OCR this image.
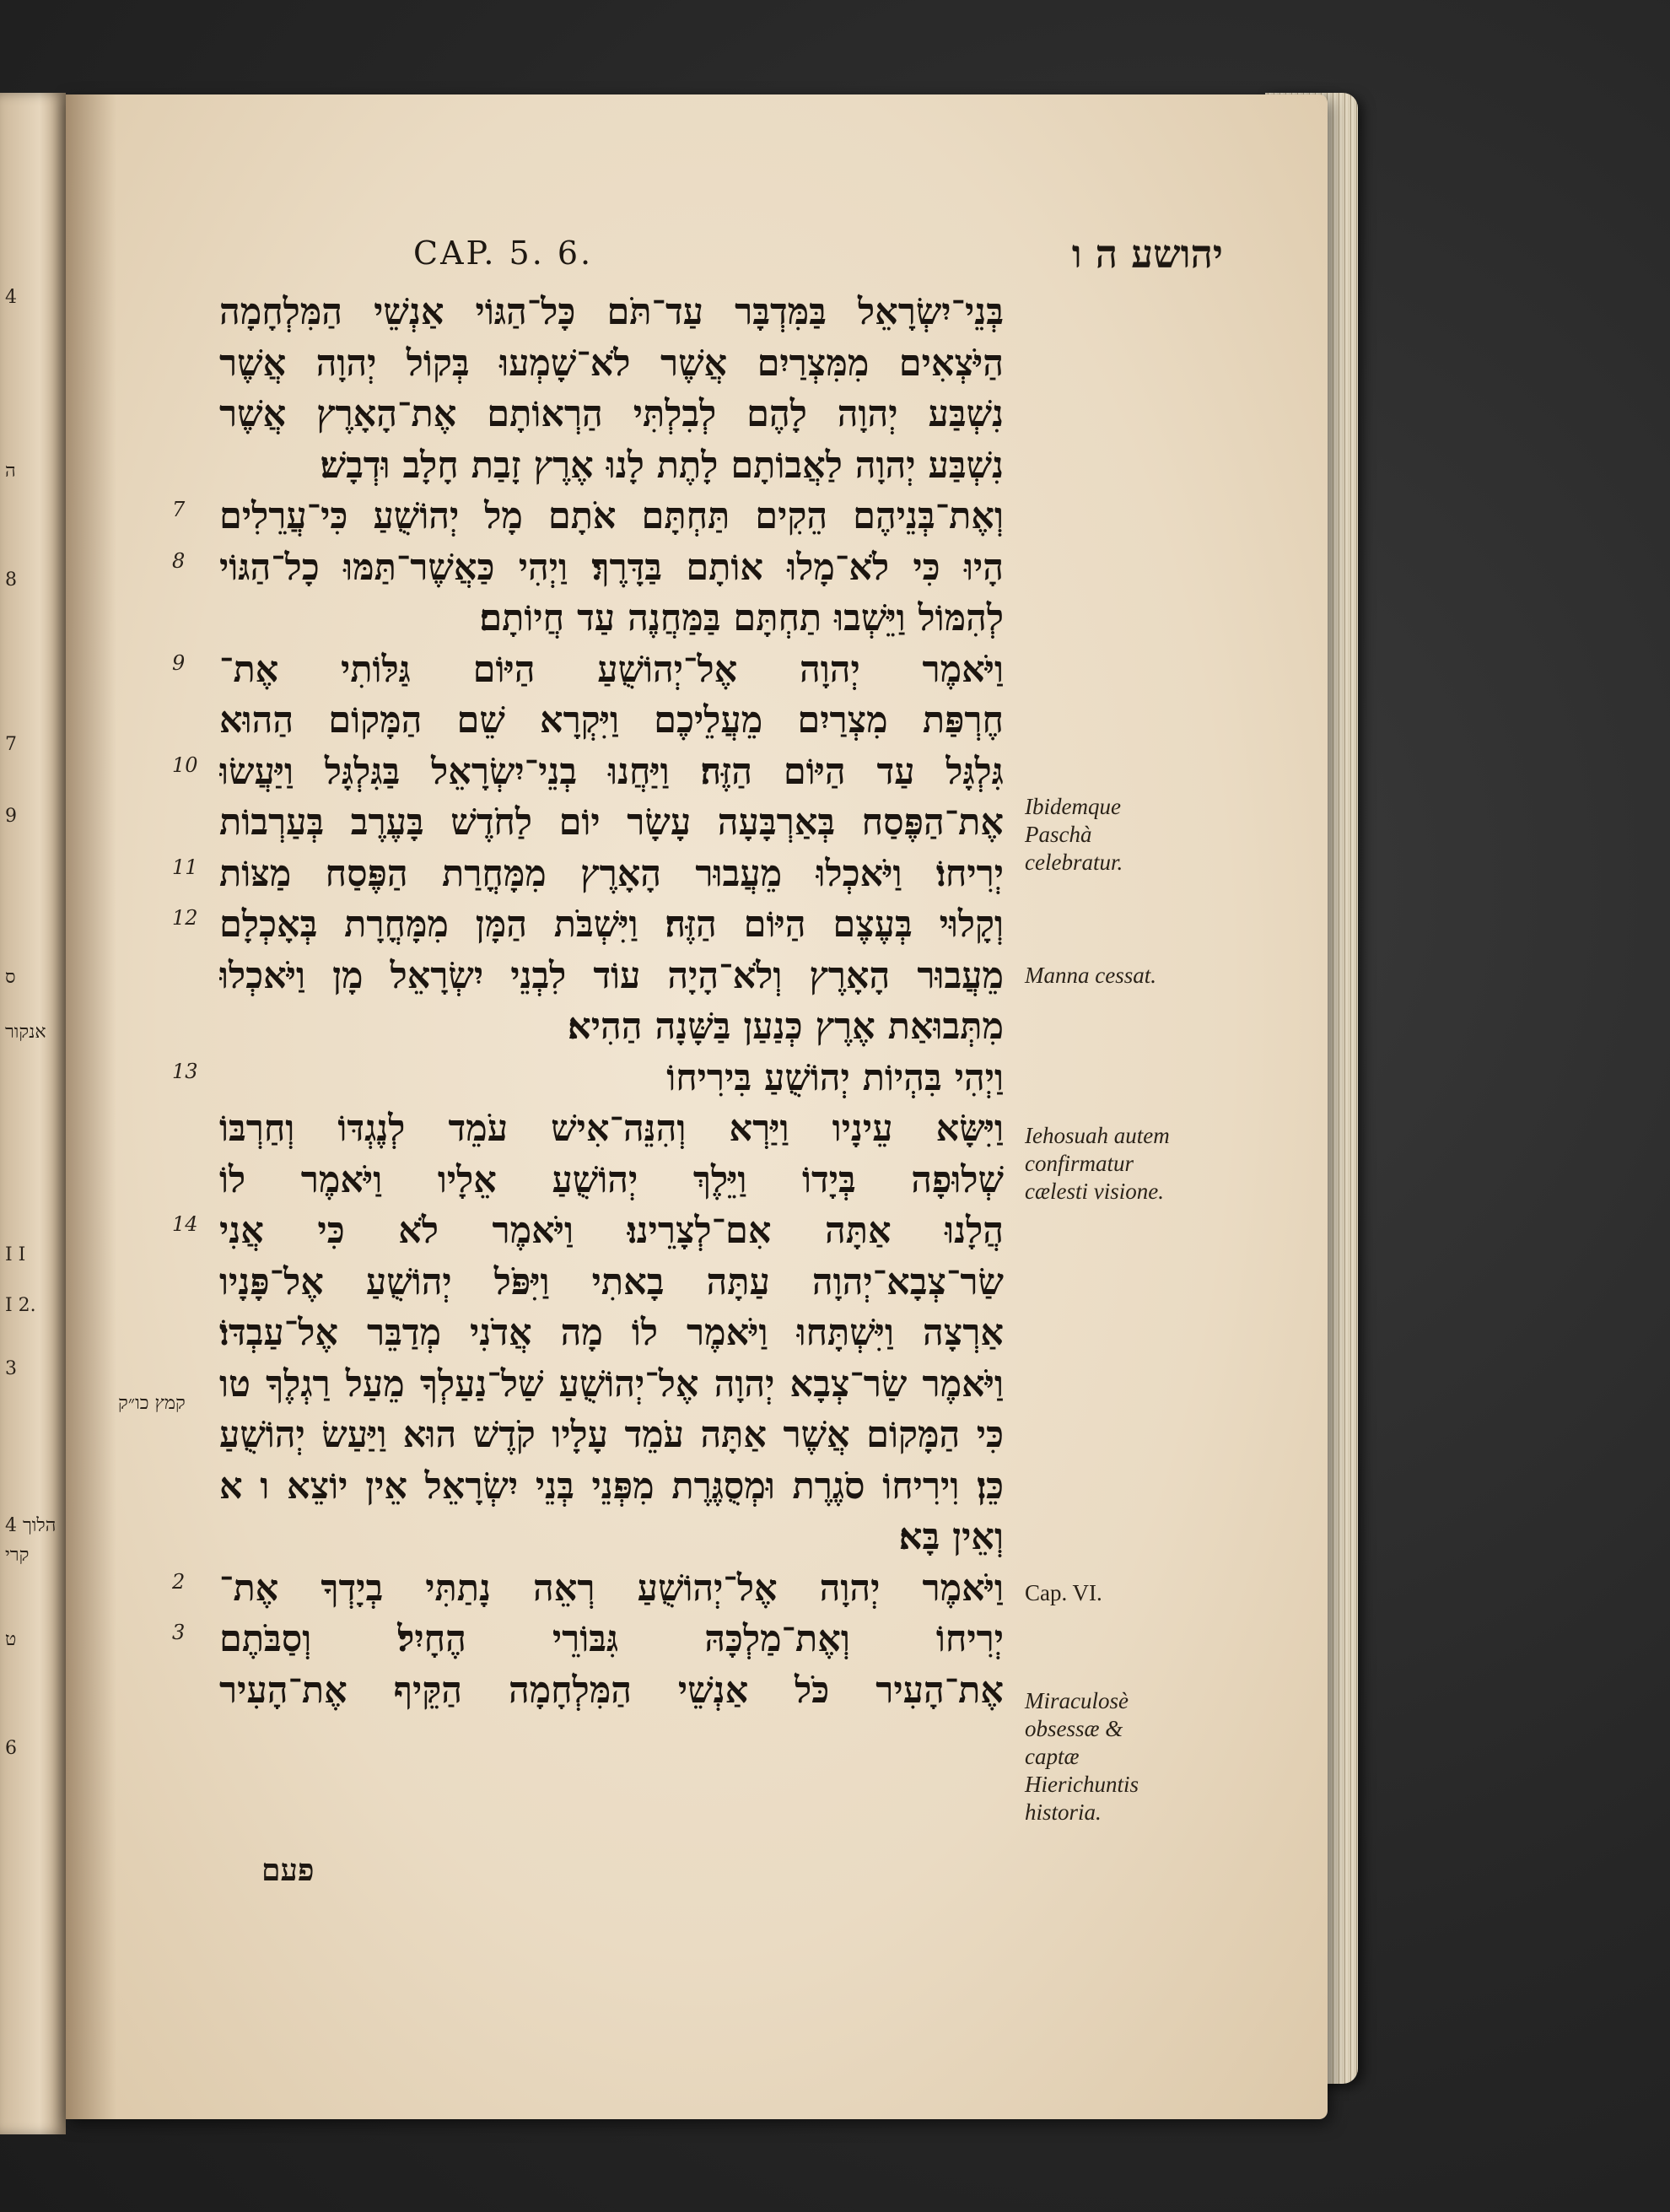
4
ה
8
7
9
ס
אנקור
I I
I 2.
3
הלוך 4
קרי
ט
6
CAP. 5. 6.	יהושע ה ו
בְּנֵי־יִשְׂרָאֵל בַּמִּדְבָּר עַד־תֹּם כָּל־הַגּוֹי אַנְשֵׁי הַמִּלְחָמָה
הַיֹּצְאִים מִמִּצְרַיִם אֲשֶׁר לֹא־שָׁמְעוּ בְּקוֹל יְהוָה אֲשֶׁר
נִשְׁבַּע יְהוָה לָהֶם לְבִלְתִּי הַרְאוֹתָם אֶת־הָאָרֶץ אֲשֶׁר
נִשְׁבַּע יְהוָה לַאֲבוֹתָם לָתֶת לָנוּ אֶרֶץ זָבַת חָלָב וּדְבָשׁ׃
7 וְאֶת־בְּנֵיהֶם הֵקִים תַּחְתָּם אֹתָם מָל יְהוֹשֻׁעַ כִּי־עֲרֵלִים
8 הָיוּ כִּי לֹא־מָלוּ אוֹתָם בַּדָּרֶךְ׃ וַיְהִי כַּאֲשֶׁר־תַּמּוּ כָל־הַגּוֹי
לְהִמּוֹל וַיֵּשְׁבוּ תַחְתָּם בַּמַּחֲנֶה עַד חֲיוֹתָם׃
9 וַיֹּאמֶר יְהוָה אֶל־יְהוֹשֻׁעַ הַיּוֹם גַּלּוֹתִי אֶת־
חֶרְפַּת מִצְרַיִם מֵעֲלֵיכֶם וַיִּקְרָא שֵׁם הַמָּקוֹם הַהוּא
10 גִּלְגָּל עַד הַיּוֹם הַזֶּה׃ וַיַּחֲנוּ בְנֵי־יִשְׂרָאֵל בַּגִּלְגָּל וַיַּעֲשׂוּ
אֶת־הַפֶּסַח בְּאַרְבָּעָה עָשָׂר יוֹם לַחֹדֶשׁ בָּעֶרֶב בְּעַרְבוֹת
11 יְרִיחוֹ׃ וַיֹּאכְלוּ מֵעֲבוּר הָאָרֶץ מִמָּחֳרַת הַפֶּסַח מַצּוֹת
12 וְקָלוּי בְּעֶצֶם הַיּוֹם הַזֶּה׃ וַיִּשְׁבֹּת הַמָּן מִמָּחֳרָת בְּאָכְלָם
מֵעֲבוּר הָאָרֶץ וְלֹא־הָיָה עוֹד לִבְנֵי יִשְׂרָאֵל מָן וַיֹּאכְלוּ
מִתְּבוּאַת אֶרֶץ כְּנַעַן בַּשָּׁנָה הַהִיא׃
13	וַיְהִי בִּהְיוֹת יְהוֹשֻׁעַ בִּירִיחוֹ
וַיִּשָּׂא עֵינָיו וַיַּרְא וְהִנֵּה־אִישׁ עֹמֵד לְנֶגְדּוֹ וְחַרְבּוֹ
שְׁלוּפָה בְּיָדוֹ וַיֵּלֶךְ יְהוֹשֻׁעַ אֵלָיו וַיֹּאמֶר לוֹ
14 הֲלָנוּ אַתָּה אִם־לְצָרֵינוּ׃ וַיֹּאמֶר לֹא כִּי אֲנִי
שַׂר־צְבָא־יְהוָה עַתָּה בָאתִי וַיִּפֹּל יְהוֹשֻׁעַ אֶל־פָּנָיו
אַרְצָה וַיִּשְׁתָּחוּ וַיֹּאמֶר לוֹ מָה אֲדֹנִי מְדַבֵּר אֶל־עַבְדּוֹ׃
וַיֹּאמֶר שַׂר־צְבָא יְהוָה אֶל־יְהוֹשֻׁעַ שַׁל־נַעַלְךָ מֵעַל רַגְלֶךָ טו
כִּי הַמָּקוֹם אֲשֶׁר אַתָּה עֹמֵד עָלָיו קֹדֶשׁ הוּא וַיַּעַשׂ יְהוֹשֻׁעַ
כֵּן׃ וִירִיחוֹ סֹגֶרֶת וּמְסֻגֶּרֶת מִפְּנֵי בְּנֵי יִשְׂרָאֵל אֵין יוֹצֵא ו א
וְאֵין בָּא׃
2 וַיֹּאמֶר יְהוָה אֶל־יְהוֹשֻׁעַ רְאֵה נָתַתִּי בְיָדְךָ אֶת־
3 יְרִיחוֹ וְאֶת־מַלְכָּהּ גִּבּוֹרֵי הֶחָיִל׃ וְסַבֹּתֶם
אֶת־הָעִיר כֹּל אַנְשֵׁי הַמִּלְחָמָה הַקֵּיף אֶת־הָעִיר
Ibidemque Paschà celebratur.
Manna cessat.
Iehosuah autem confirmatur cælesti visione.
Cap. VI.
Miraculosè obsessæ & captæ Hierichuntis historia.
קמץ כו״ק
פעם
